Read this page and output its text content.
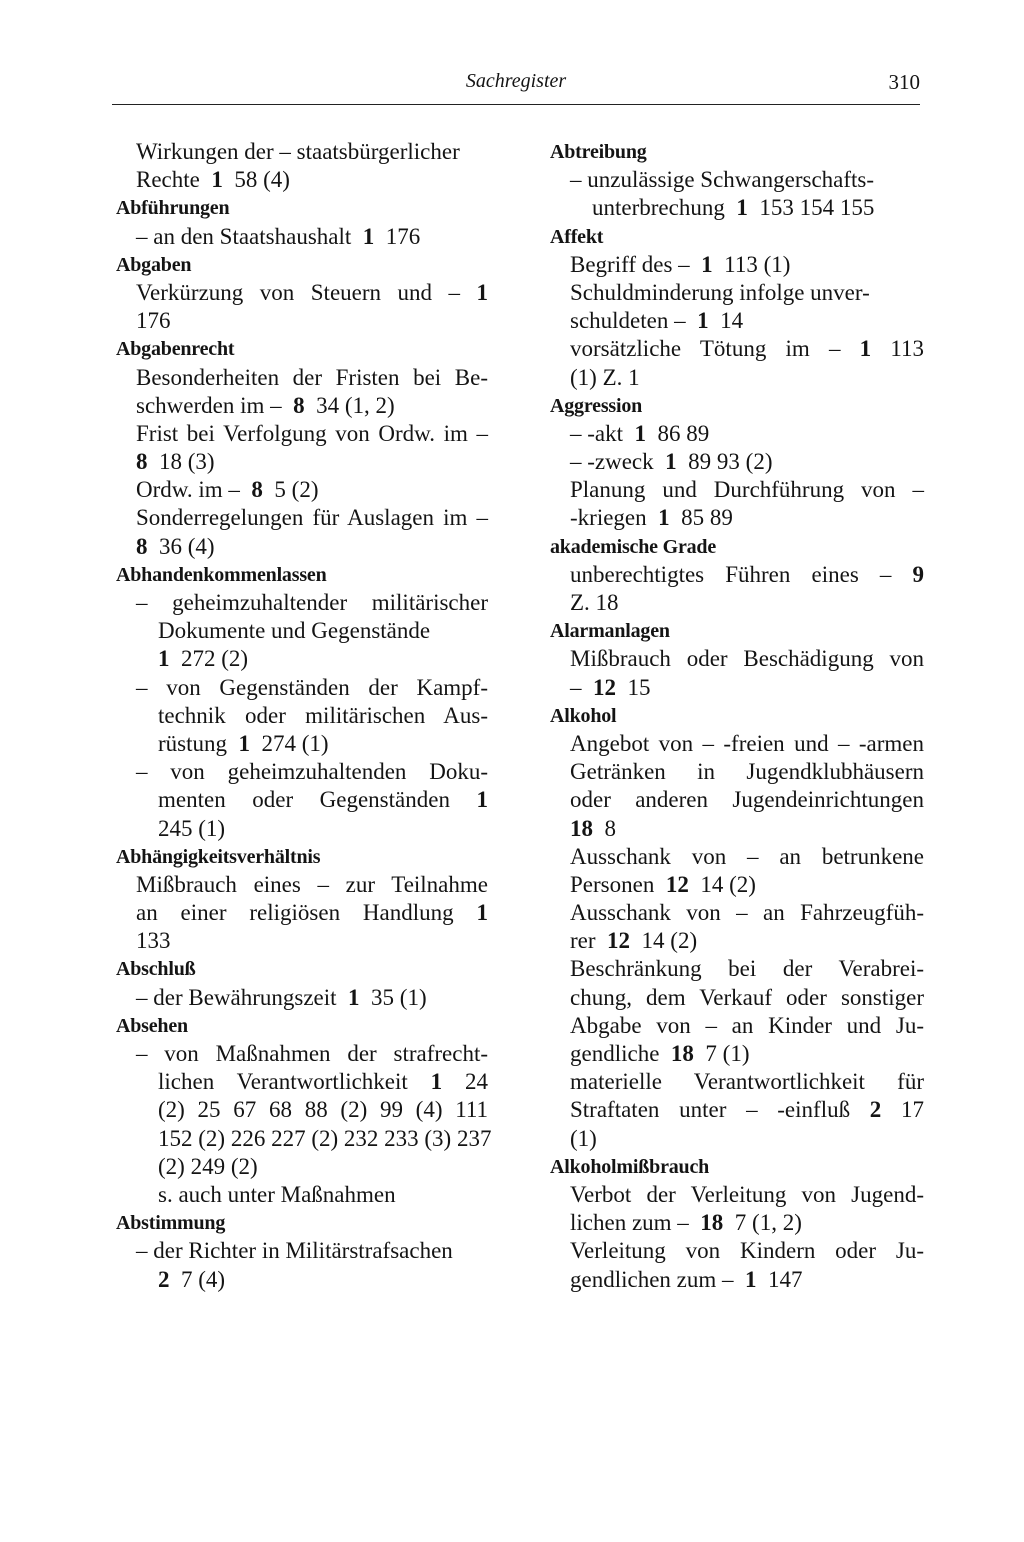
Sachregister	310
Wirkungen der – staatsbürgerlicher
Rechte  1  58 (4)
Abführungen
– an den Staatshaushalt  1  176
Abgaben
Verkürzung von Steuern und – 1
176
Abgabenrecht
Besonderheiten der Fristen bei Be-
schwerden im –  8  34 (1, 2)
Frist bei Verfolgung von Ordw. im –
8  18 (3)
Ordw. im –  8  5 (2)
Sonderregelungen für Auslagen im –
8  36 (4)
Abhandenkommenlassen
– geheimzuhaltender militärischer
Dokumente und Gegenstände
1  272 (2)
– von Gegenständen der Kampf-
technik oder militärischen Aus-
rüstung  1  274 (1)
– von geheimzuhaltenden Doku-
menten oder Gegenständen 1
245 (1)
Abhängigkeitsverhältnis
Mißbrauch eines – zur Teilnahme
an einer religiösen Handlung 1
133
Abschluß
– der Bewährungszeit  1  35 (1)
Absehen
– von Maßnahmen der strafrecht-
lichen Verantwortlichkeit 1 24
(2) 25 67 68 88 (2) 99 (4) 111
152 (2) 226 227 (2) 232 233 (3) 237
(2) 249 (2)
s. auch unter Maßnahmen
Abstimmung
– der Richter in Militärstrafsachen
2  7 (4)
Abtreibung
– unzulässige Schwangerschafts-
unterbrechung  1  153 154 155
Affekt
Begriff des –  1  113 (1)
Schuldminderung infolge unver-
schuldeten –  1  14
vorsätzliche Tötung im – 1 113
(1) Z. 1
Aggression
– -akt  1  86 89
– -zweck  1  89 93 (2)
Planung und Durchführung von –
-kriegen  1  85 89
akademische Grade
unberechtigtes Führen eines – 9
Z. 18
Alarmanlagen
Mißbrauch oder Beschädigung von
–  12  15
Alkohol
Angebot von – -freien und – -armen
Getränken in Jugendklubhäusern
oder anderen Jugendeinrichtungen
18  8
Ausschank von – an betrunkene
Personen  12  14 (2)
Ausschank von – an Fahrzeugfüh-
rer  12  14 (2)
Beschränkung bei der Verabrei-
chung, dem Verkauf oder sonstiger
Abgabe von – an Kinder und Ju-
gendliche  18  7 (1)
materielle Verantwortlichkeit für
Straftaten unter – -einfluß 2 17
(1)
Alkoholmißbrauch
Verbot der Verleitung von Jugend-
lichen zum –  18  7 (1, 2)
Verleitung von Kindern oder Ju-
gendlichen zum –  1  147
